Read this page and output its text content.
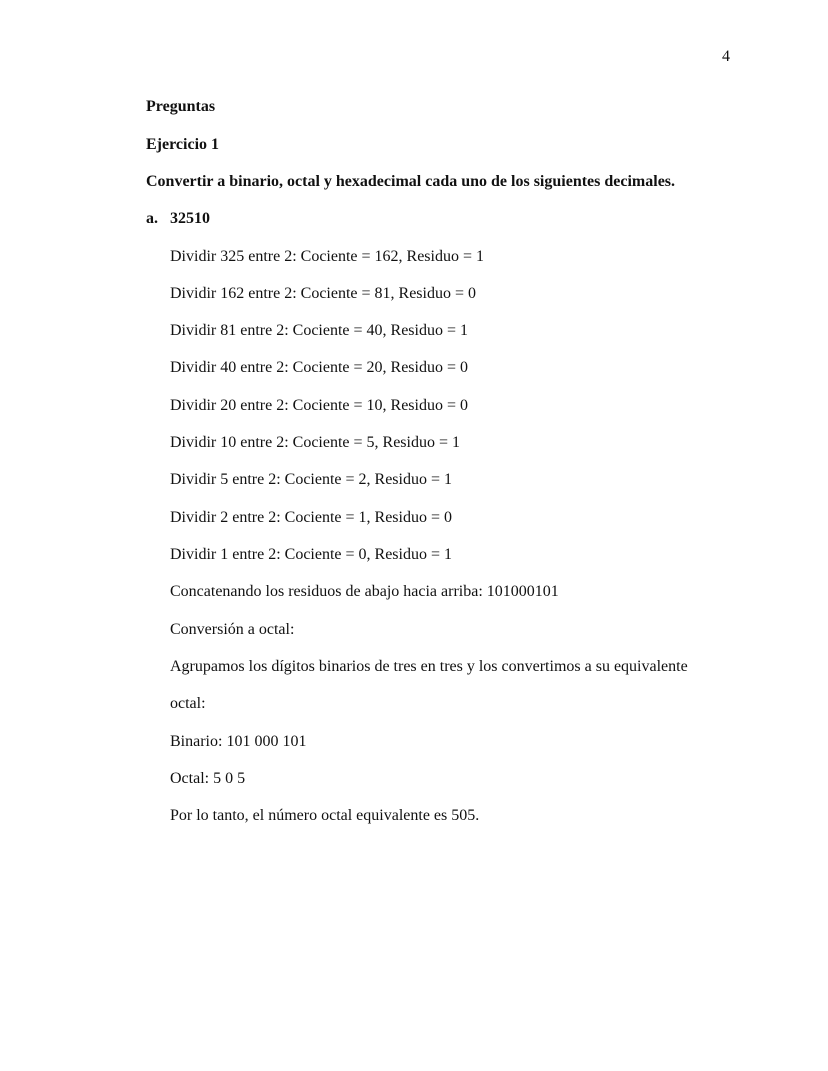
4
Preguntas
Ejercicio 1
Convertir a binario, octal y hexadecimal cada uno de los siguientes decimales.
a. 32510
Dividir 325 entre 2: Cociente = 162, Residuo = 1
Dividir 162 entre 2: Cociente = 81, Residuo = 0
Dividir 81 entre 2: Cociente = 40, Residuo = 1
Dividir 40 entre 2: Cociente = 20, Residuo = 0
Dividir 20 entre 2: Cociente = 10, Residuo = 0
Dividir 10 entre 2: Cociente = 5, Residuo = 1
Dividir 5 entre 2: Cociente = 2, Residuo = 1
Dividir 2 entre 2: Cociente = 1, Residuo = 0
Dividir 1 entre 2: Cociente = 0, Residuo = 1
Concatenando los residuos de abajo hacia arriba: 101000101
Conversión a octal:
Agrupamos los dígitos binarios de tres en tres y los convertimos a su equivalente
octal:
Binario: 101 000 101
Octal: 5 0 5
Por lo tanto, el número octal equivalente es 505.
